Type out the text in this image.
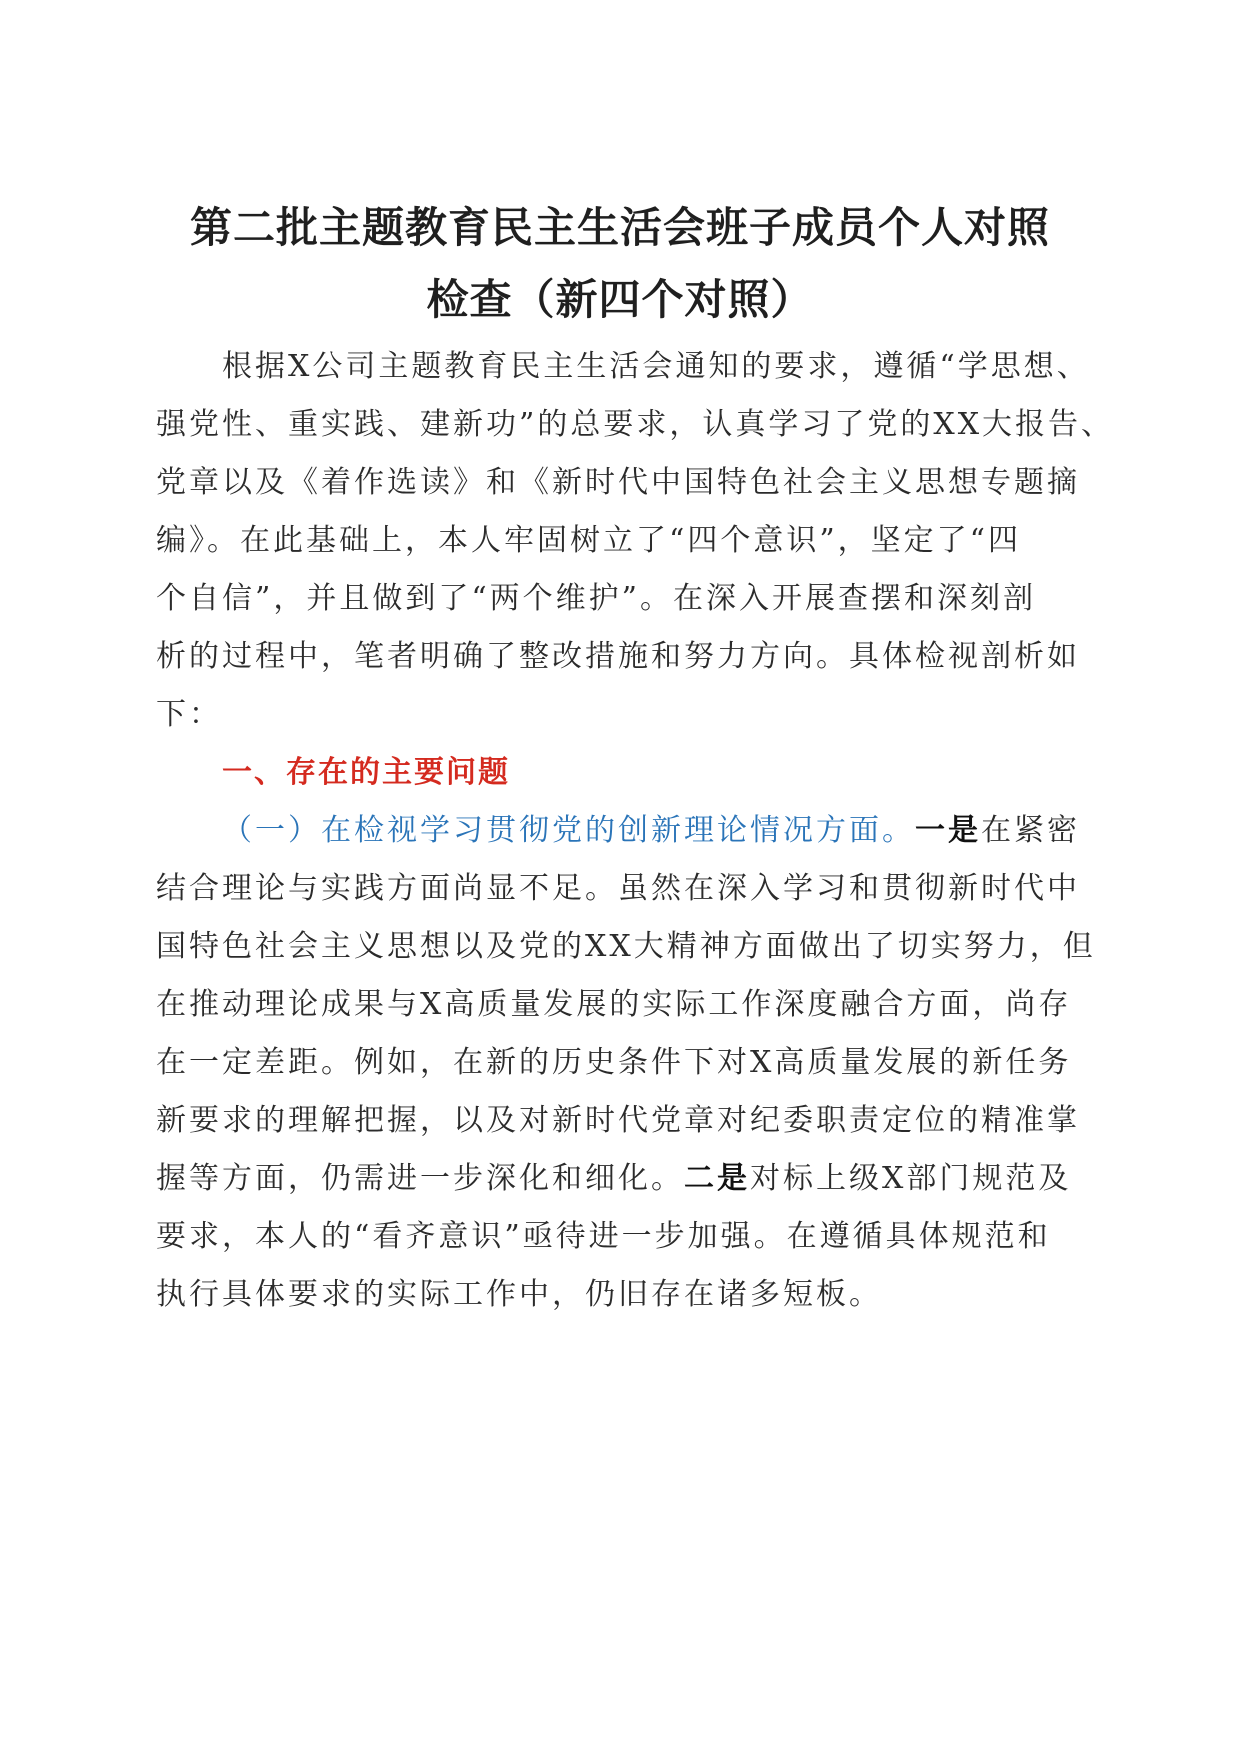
第二批主题教育民主生活会班子成员个人对照
检查（新四个对照）

根据X公司主题教育民主生活会通知的要求，遵循“学思想、

强党性、重实践、建新功”的总要求，认真学习了党的XX大报告、

党章以及《着作选读》和《新时代中国特色社会主义思想专题摘

编》。在此基础上，本人牢固树立了“四个意识”，坚定了“四

个自信”，并且做到了“两个维护”。在深入开展查摆和深刻剖

析的过程中，笔者明确了整改措施和努力方向。具体检视剖析如

下：

一、存在的主要问题

（一）在检视学习贯彻党的创新理论情况方面。一是在紧密

结合理论与实践方面尚显不足。虽然在深入学习和贯彻新时代中

国特色社会主义思想以及党的XX大精神方面做出了切实努力，但

在推动理论成果与X高质量发展的实际工作深度融合方面，尚存

在一定差距。例如，在新的历史条件下对X高质量发展的新任务

新要求的理解把握，以及对新时代党章对纪委职责定位的精准掌

握等方面，仍需进一步深化和细化。二是对标上级X部门规范及

要求，本人的“看齐意识”亟待进一步加强。在遵循具体规范和

执行具体要求的实际工作中，仍旧存在诸多短板。
